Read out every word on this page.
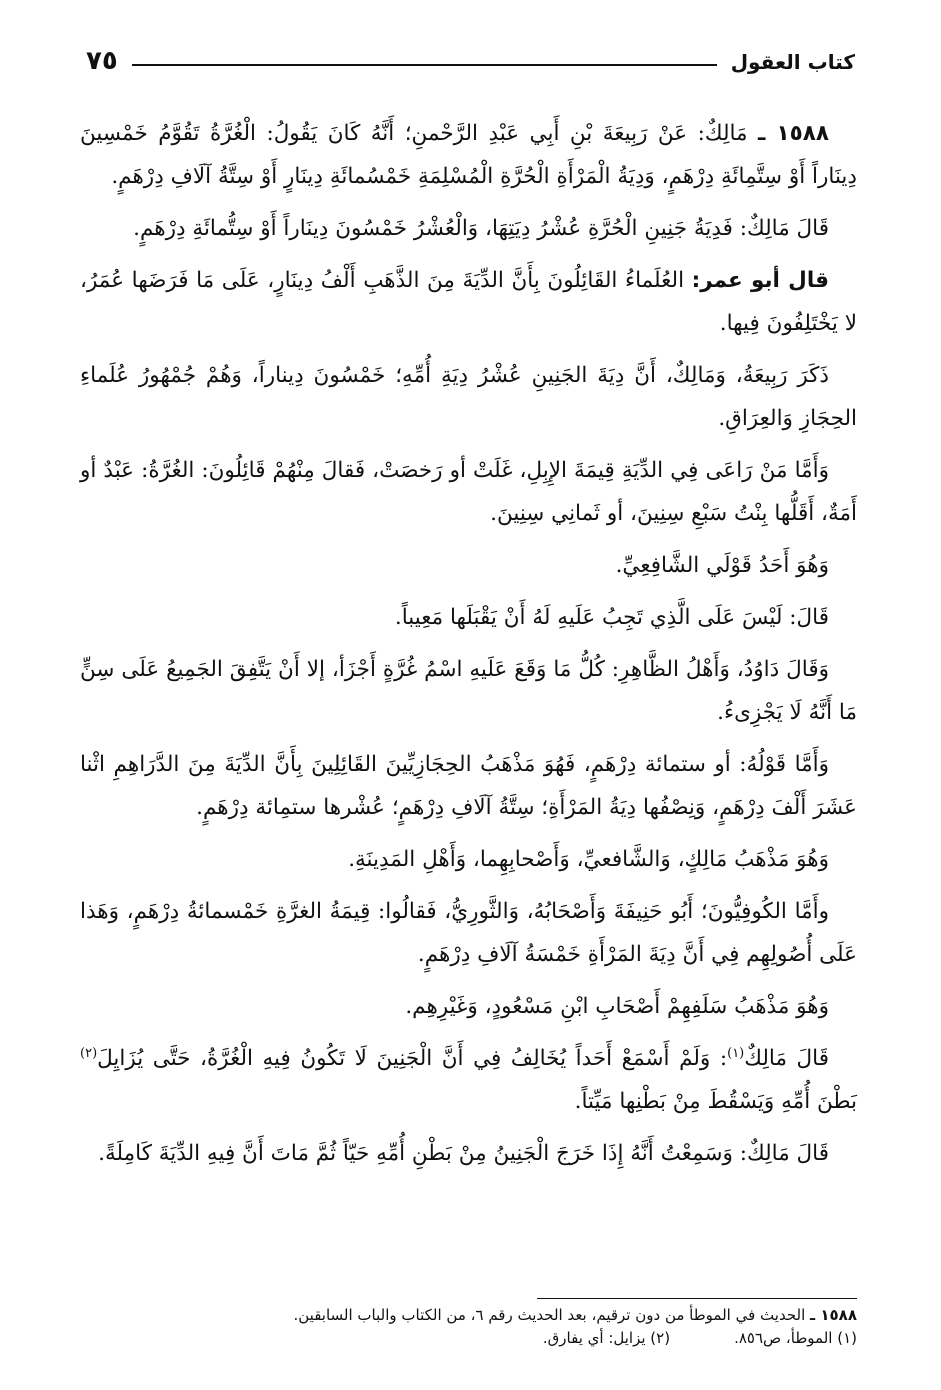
كتاب العقول
٧٥

١٥٨٨ ـ مَالِكٌ: عَنْ رَبِيعَةَ بْنِ أَبِي عَبْدِ الرَّحْمنِ؛ أَنَّهُ كَانَ يَقُولُ: الْغُرَّةُ تَقُوَّمُ خَمْسِينَ دِينَاراً أَوْ سِتَّمِائَةِ دِرْهَمٍ، وَدِيَةُ الْمَرْأَةِ الْحُرَّةِ الْمُسْلِمَةِ خَمْسُمائَةِ دِينَارٍ أَوْ سِتَّةُ آلَافِ دِرْهَمٍ.

قَالَ مَالِكٌ: فَدِيَةُ جَنِينِ الْحُرَّةِ عُشْرُ دِيَتِهَا، وَالْعُشْرُ خَمْسُونَ دِينَاراً أَوْ سِتُّمائَةِ دِرْهَمٍ.

قال أبو عمر: العُلَماءُ القَائِلُونَ بِأَنَّ الدِّيَةَ مِنَ الذَّهَبِ أَلْفُ دِينَارٍ، عَلَى مَا فَرَضَها عُمَرُ، لا يَخْتَلِفُونَ فِيها.

ذَكَرَ رَبِيعَةُ، وَمَالِكٌ، أَنَّ دِيَةَ الجَنِينِ عُشْرُ دِيَةِ أُمِّهِ؛ خَمْسُونَ دِيناراً، وَهُمْ جُمْهُورُ عُلَماءِ الحِجَازِ وَالعِرَاقِ.

وَأَمَّا مَنْ رَاعَى فِي الدِّيَةِ قِيمَةَ الإِبِلِ، غَلَتْ أو رَخصَتْ، فَقالَ مِنْهُمْ قَائِلُونَ: الغُرَّةُ: عَبْدٌ أو أَمَةٌ، أَقَلُّها بِنْتُ سَبْعِ سِنِينَ، أو ثَمانِي سِنِينَ.

وَهُوَ أَحَدُ قَوْلَي الشَّافِعِيِّ.

قَالَ: لَيْسَ عَلَى الَّذِي تَجِبُ عَلَيهِ لَهُ أَنْ يَقْبَلَها مَعِيباً.

وَقَالَ دَاوُدُ، وَأَهْلُ الظَّاهِرِ: كُلُّ مَا وَقَعَ عَلَيهِ اسْمُ غُرَّةٍ أَجْزَأ، إلا أَنْ يَتَّفِقَ الجَمِيعُ عَلَى سِنٍّ مَا أَنَّهُ لَا يَجْزِىءُ.

وَأَمَّا قَوْلُهُ: أو ستمائة دِرْهَمٍ، فَهُوَ مَذْهَبُ الحِجَازِيِّينَ القَائِلِينَ بِأَنَّ الدِّيَةَ مِنَ الدَّرَاهِمِ اثْنا عَشَرَ أَلْفَ دِرْهَمٍ، وَنِصْفُها دِيَةُ المَرْأَةِ؛ سِتَّةُ آلَافِ دِرْهَمٍ؛ عُشْرها ستمِائة دِرْهَمٍ.

وَهُوَ مَذْهَبُ مَالِكٍ، وَالشَّافعيِّ، وَأَصْحابِهِما، وَأَهْلِ المَدِينَةِ.

وأَمَّا الكُوفِيُّونَ؛ أَبُو حَنِيفَةَ وَأَصْحَابُهُ، وَالثَّورِيُّ، فَقالُوا: قِيمَةُ الغرَّةِ خَمْسمائةُ دِرْهَمٍ، وَهَذا عَلَى أُصُولِهِم فِي أَنَّ دِيَةَ المَرْأَةِ خَمْسَةُ آلَافِ دِرْهَمٍ.

وَهُوَ مَذْهَبُ سَلَفِهِمْ أَصْحَابِ ابْنِ مَسْعُودٍ، وَغَيْرِهِم.

قَالَ مَالِكٌ$^{(١)}$: وَلَمْ أَسْمَعْ أَحَداً يُخَالِفُ فِي أَنَّ الْجَنِينَ لَا تَكُونُ فِيهِ الْغُرَّةُ، حَتَّى يُزَايِلَ$^{(٢)}$ بَطْنَ أُمِّهِ وَيَسْقُطَ مِنْ بَطْنِها مَيِّتاً.

قَالَ مَالِكٌ: وَسَمِعْتُ أَنَّهُ إِذَا خَرَجَ الْجَنِينُ مِنْ بَطْنِ أُمِّهِ حَيّاً ثُمَّ مَاتَ أَنَّ فِيهِ الدِّيَةَ كَامِلَةً.

١٥٨٨ ـ الحديث في الموطأ من دون ترقيم، بعد الحديث رقم ٦، من الكتاب والباب السابقين.
(١) الموطأ، ص٨٥٦.(٢) يزايل: أي يفارق.
